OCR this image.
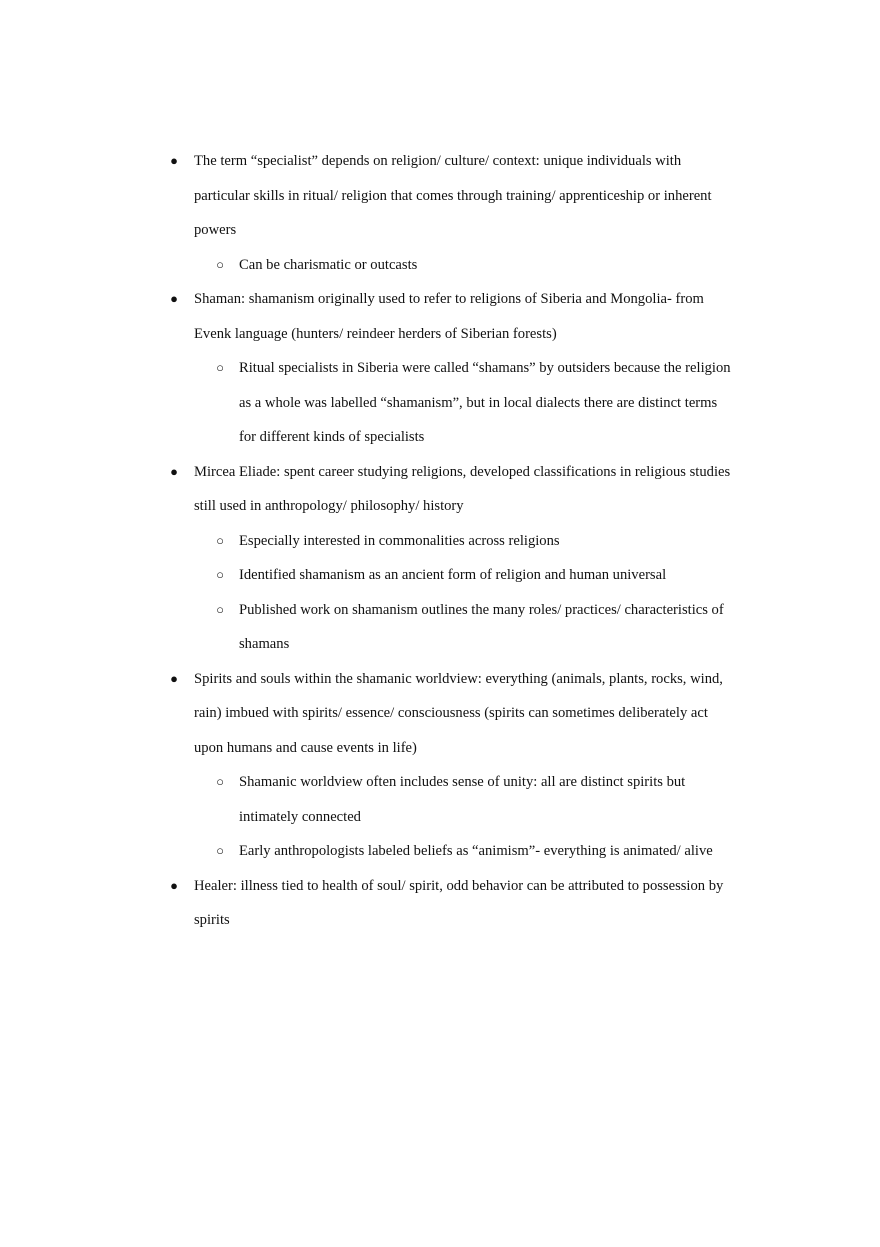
●	The term “specialist” depends on religion/ culture/ context: unique individuals with particular skills in ritual/ religion that comes through training/ apprenticeship or inherent powers
○	Can be charismatic or outcasts
●	Shaman: shamanism originally used to refer to religions of Siberia and Mongolia- from Evenk language (hunters/ reindeer herders of Siberian forests)
○	Ritual specialists in Siberia were called “shamans” by outsiders because the religion as a whole was labelled “shamanism”, but in local dialects there are distinct terms for different kinds of specialists
●	Mircea Eliade: spent career studying religions, developed classifications in religious studies still used in anthropology/ philosophy/ history
○	Especially interested in commonalities across religions
○	Identified shamanism as an ancient form of religion and human universal
○	Published work on shamanism outlines the many roles/ practices/ characteristics of shamans
●	Spirits and souls within the shamanic worldview: everything (animals, plants, rocks, wind, rain) imbued with spirits/ essence/ consciousness (spirits can sometimes deliberately act upon humans and cause events in life)
○	Shamanic worldview often includes sense of unity: all are distinct spirits but intimately connected
○	Early anthropologists labeled beliefs as “animism”- everything is animated/ alive
●	Healer: illness tied to health of soul/ spirit, odd behavior can be attributed to possession by spirits
